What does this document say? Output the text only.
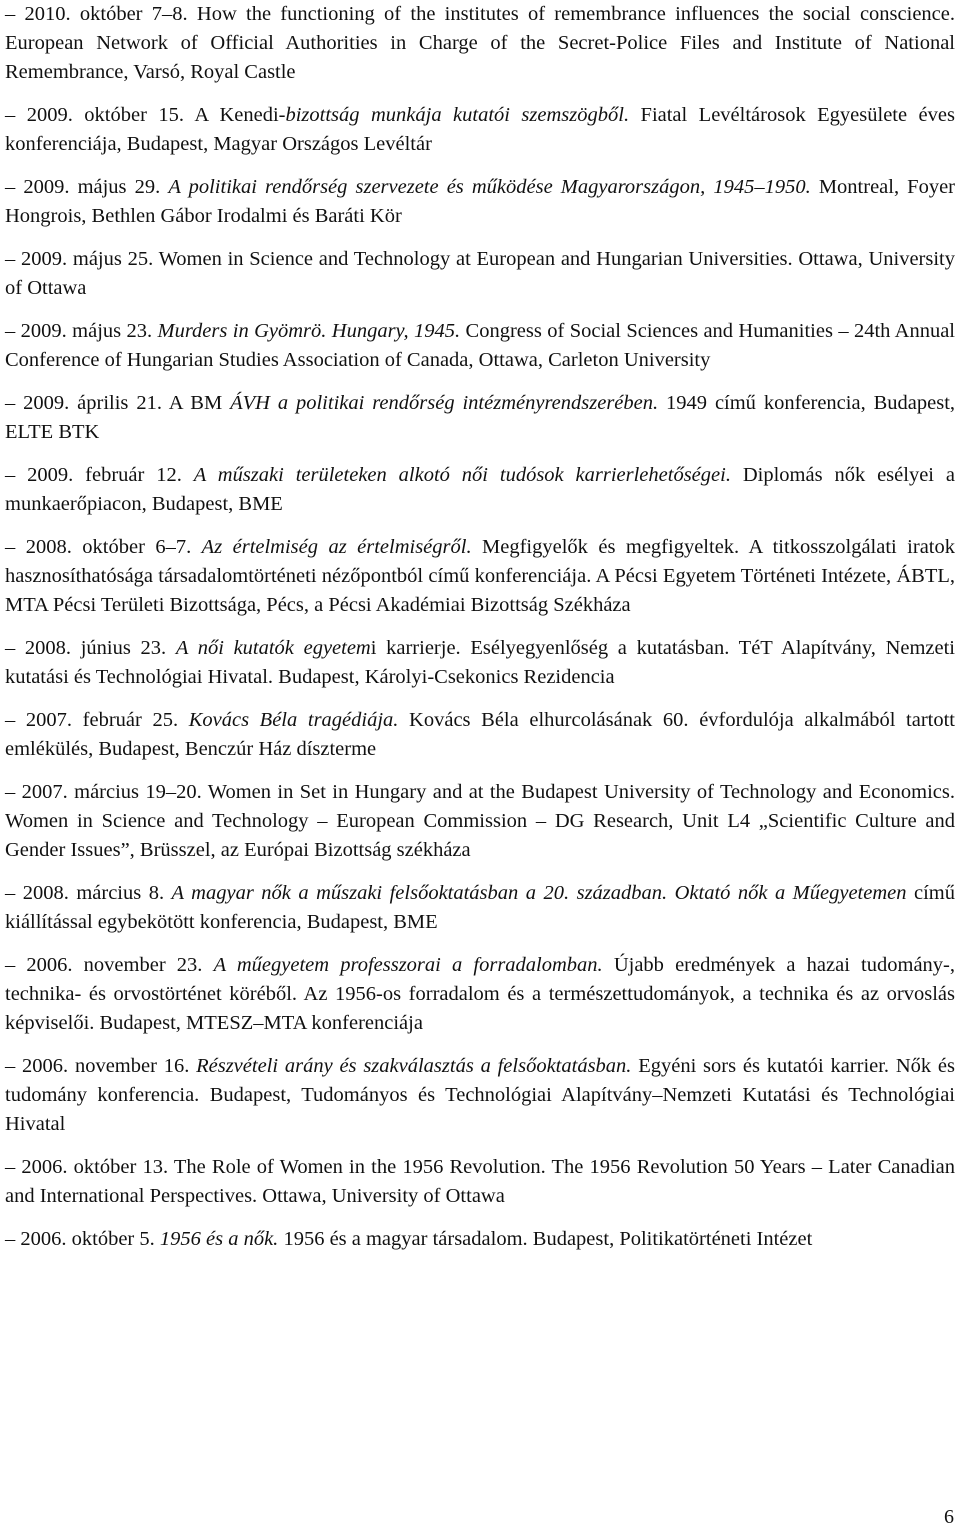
– 2010. október 7–8. How the functioning of the institutes of remembrance influences the social conscience. European Network of Official Authorities in Charge of the Secret-Police Files and Institute of National Remembrance, Varsó, Royal Castle

– 2009. október 15. A Kenedi-bizottság munkája kutatói szemszögből. Fiatal Levéltárosok Egyesülete éves konferenciája, Budapest, Magyar Országos Levéltár

– 2009. május 29. A politikai rendőrség szervezete és működése Magyarországon, 1945–1950. Montreal, Foyer Hongrois, Bethlen Gábor Irodalmi és Baráti Kör

– 2009. május 25. Women in Science and Technology at European and Hungarian Universities. Ottawa, University of Ottawa

– 2009. május 23. Murders in Gyömrö. Hungary, 1945. Congress of Social Sciences and Humanities – 24th Annual Conference of Hungarian Studies Association of Canada, Ottawa, Carleton University

– 2009. április 21. A BM ÁVH a politikai rendőrség intézményrendszerében. 1949 című konferencia, Budapest, ELTE BTK

– 2009. február 12. A műszaki területeken alkotó női tudósok karrierlehetőségei. Diplomás nők esélyei a munkaerőpiacon, Budapest, BME

– 2008. október 6–7. Az értelmiség az értelmiségről. Megfigyelők és megfigyeltek. A titkosszolgálati iratok hasznosíthatósága társadalomtörténeti nézőpontból című konferenciája. A Pécsi Egyetem Történeti Intézete, ÁBTL, MTA Pécsi Területi Bizottsága, Pécs, a Pécsi Akadémiai Bizottság Székháza

– 2008. június 23. A női kutatók egyetemi karrierje. Esélyegyenlőség a kutatásban. TéT Alapítvány, Nemzeti kutatási és Technológiai Hivatal. Budapest, Károlyi-Csekonics Rezidencia

– 2007. február 25. Kovács Béla tragédiája. Kovács Béla elhurcolásának 60. évfordulója alkalmából tartott emlékülés, Budapest, Benczúr Ház díszterme

– 2007. március 19–20. Women in Set in Hungary and at the Budapest University of Technology and Economics. Women in Science and Technology – European Commission – DG Research, Unit L4 „Scientific Culture and Gender Issues”, Brüsszel, az Európai Bizottság székháza

– 2008. március 8. A magyar nők a műszaki felsőoktatásban a 20. században. Oktató nők a Műegyetemen című kiállítással egybekötött konferencia, Budapest, BME

– 2006. november 23. A műegyetem professzorai a forradalomban. Újabb eredmények a hazai tudomány-, technika- és orvostörténet köréből. Az 1956-os forradalom és a természettudományok, a technika és az orvoslás képviselői. Budapest, MTESZ–MTA konferenciája

– 2006. november 16. Részvételi arány és szakválasztás a felsőoktatásban. Egyéni sors és kutatói karrier. Nők és tudomány konferencia. Budapest, Tudományos és Technológiai Alapítvány–Nemzeti Kutatási és Technológiai Hivatal

– 2006. október 13. The Role of Women in the 1956 Revolution. The 1956 Revolution 50 Years – Later Canadian and International Perspectives. Ottawa, University of Ottawa

– 2006. október 5. 1956 és a nők. 1956 és a magyar társadalom. Budapest, Politikatörténeti Intézet

6
